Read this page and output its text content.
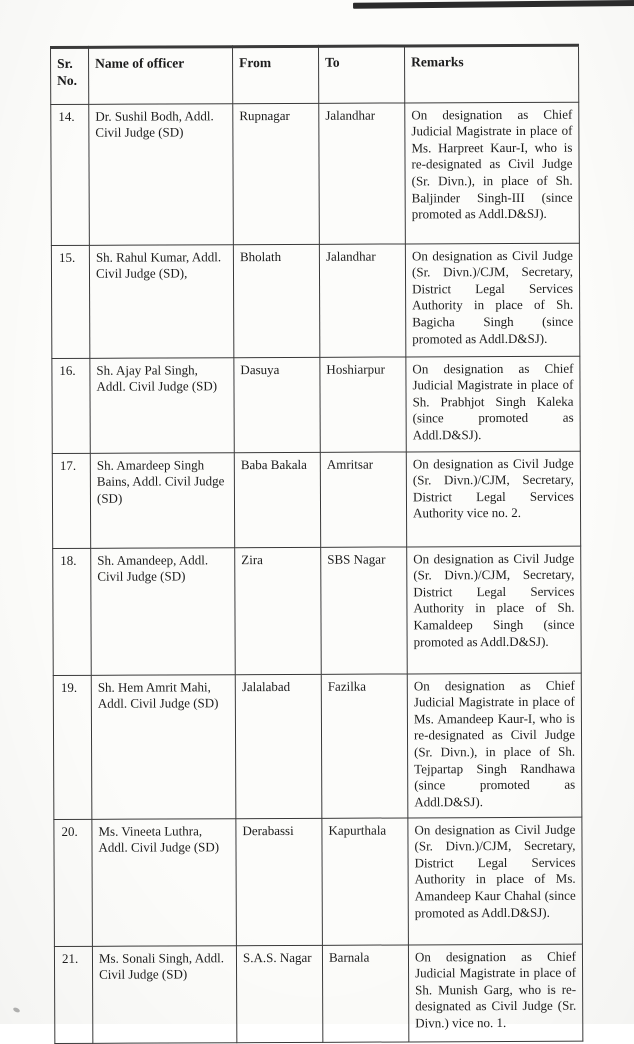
Sr. No.	Name of officer	From	To	Remarks
14.	Dr. Sushil Bodh, Addl. Civil Judge (SD)	Rupnagar	Jalandhar	On designation as Chief Judicial Magistrate in place of Ms. Harpreet Kaur-I, who is re-designated as Civil Judge (Sr. Divn.), in place of Sh. Baljinder Singh-III (since promoted as Addl.D&SJ).
15.	Sh. Rahul Kumar, Addl. Civil Judge (SD),	Bholath	Jalandhar	On designation as Civil Judge (Sr. Divn.)/CJM, Secretary, District Legal Services Authority in place of Sh. Bagicha Singh (since promoted as Addl.D&SJ).
16.	Sh. Ajay Pal Singh, Addl. Civil Judge (SD)	Dasuya	Hoshiarpur	On designation as Chief Judicial Magistrate in place of Sh. Prabhjot Singh Kaleka (since promoted as Addl.D&SJ).
17.	Sh. Amardeep Singh Bains, Addl. Civil Judge (SD)	Baba Bakala	Amritsar	On designation as Civil Judge (Sr. Divn.)/CJM, Secretary, District Legal Services Authority vice no. 2.
18.	Sh. Amandeep, Addl. Civil Judge (SD)	Zira	SBS Nagar	On designation as Civil Judge (Sr. Divn.)/CJM, Secretary, District Legal Services Authority in place of Sh. Kamaldeep Singh (since promoted as Addl.D&SJ).
19.	Sh. Hem Amrit Mahi, Addl. Civil Judge (SD)	Jalalabad	Fazilka	On designation as Chief Judicial Magistrate in place of Ms. Amandeep Kaur-I, who is re-designated as Civil Judge (Sr. Divn.), in place of Sh. Tejpartap Singh Randhawa (since promoted as Addl.D&SJ).
20.	Ms. Vineeta Luthra, Addl. Civil Judge (SD)	Derabassi	Kapurthala	On designation as Civil Judge (Sr. Divn.)/CJM, Secretary, District Legal Services Authority in place of Ms. Amandeep Kaur Chahal (since promoted as Addl.D&SJ).
21.	Ms. Sonali Singh, Addl. Civil Judge (SD)	S.A.S. Nagar	Barnala	On designation as Chief Judicial Magistrate in place of Sh. Munish Garg, who is re-designated as Civil Judge (Sr. Divn.) vice no. 1.
